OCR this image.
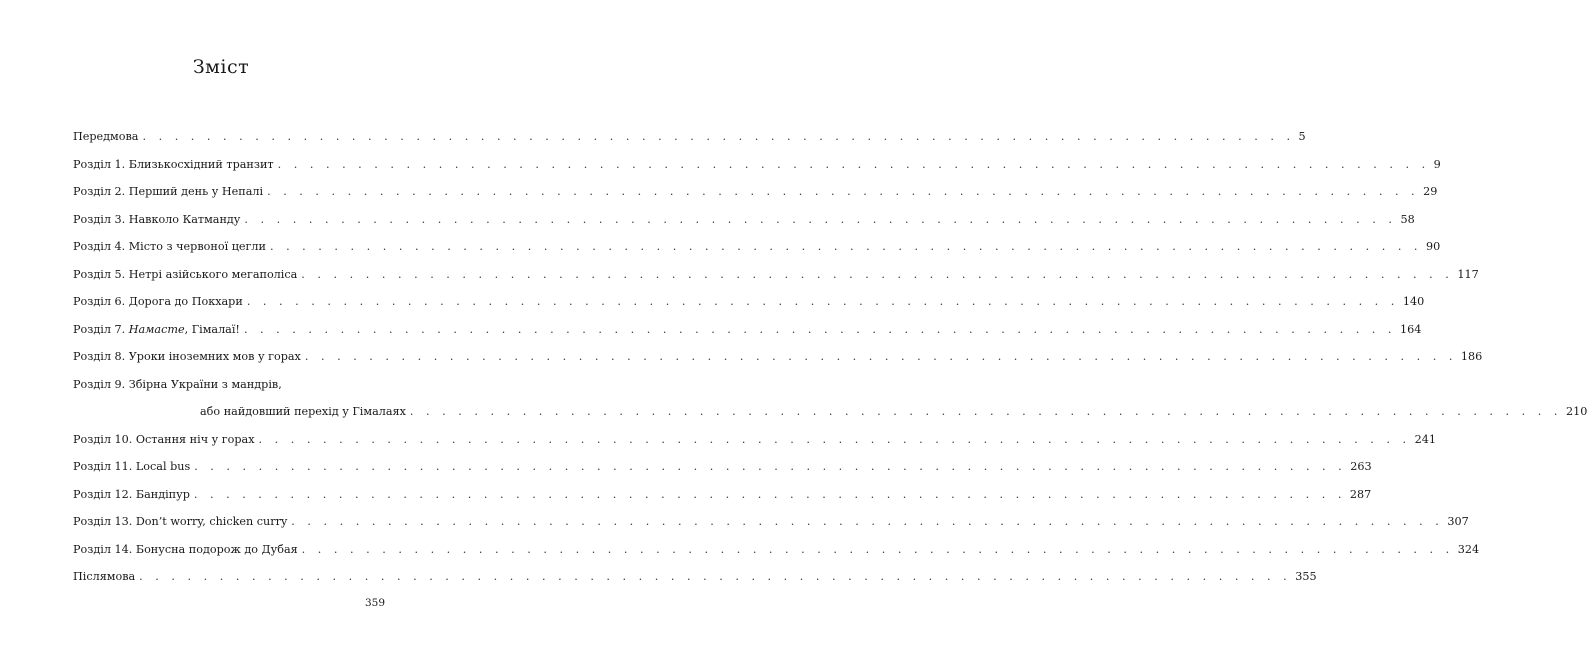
Зміст
Передмова . . .	5
Розділ 1. Близькосхідний транзит . . .	9
Розділ 2. Перший день у Непалі . . .	29
Розділ 3. Навколо Катманду . . .	58
Розділ 4. Місто з червоної цегли . . .	90
Розділ 5. Нетрі азійського мегаполіса . . .	117
Розділ 6. Дорога до Покхари . . .	140
Розділ 7. Намасте, Гімалаї! . . .	164
Розділ 8. Уроки іноземних мов у горах . . .	186
Розділ 9. Збірна України з мандрів,
або найдовший перехід у Гімалаях . . .	210
Розділ 10. Остання ніч у горах . . .	241
Розділ 11. Local bus . . .	263
Розділ 12. Бандіпур . . .	287
Розділ 13. Don’t worry, chicken curry . . .	307
Розділ 14. Бонусна подорож до Дубая . . .	324
Післямова . . .	355
359
